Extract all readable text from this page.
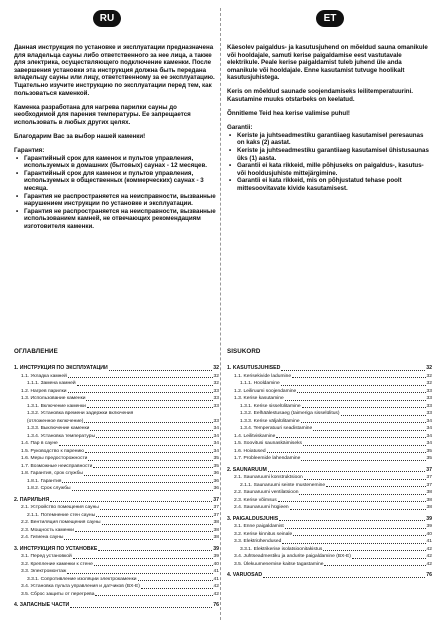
RU	ET

Данная инструкция по установке и эксплуатации предназначена для владельца сауны либо ответственного за нее лица, а также для электрика, осуществляющего подключение каменки. После завершения установки эта инструкция должна быть передана владельцу сауны или лицу, ответственному за ее эксплуатацию. Тщательно изучите инструкцию по эксплуатации перед тем, как пользоваться каменкой.

Каменка разработана для нагрева парилки сауны до необходимой для парения температуры. Ее запрещается использовать в любых других целях.

Благодарим Вас за выбор нашей каменки!

Гарантия:

• Гарантийный срок для каменок и пультов управления, используемых в домашних (бытовых) саунах - 12 месяцев.
• Гарантийный срок для каменок и пультов управления, используемых в общественных (коммерческих) саунах - 3 месяца.
• Гарантия не распространяется на неисправности, вызванные нарушением инструкции по установке и эксплуатации.
• Гарантия не распространяется на неисправности, вызванные использованием камней, не отвечающих рекомендациям изготовителя каменки.

Käesolev paigaldus- ja kasutusjuhend on mõeldud sauna omanikule või hooldajale, samuti kerise paigaldamise eest vastutavale elektrikule. Peale kerise paigaldamist tuleb juhend üle anda omanikule või hooldajale. Enne kasutamist tutvuge hoolikalt kasutusjuhistega.

Keris on mõeldud saunade soojendamiseks leilitemperatuurini. Kasutamine muuks otstarbeks on keelatud.

Õnnitleme Teid hea kerise valimise puhul!

Garantii:

• Keriste ja juhtseadmestiku garantiiaeg kasutamisel peresaunas on kaks (2) aastat.
• Keriste ja juhtseadmestiku garantiiaeg kasutamisel ühistusaunas üks (1) aasta.
• Garantii ei kata rikkeid, mille põhjuseks on paigaldus-, kasutus- või hooldusjuhiste mittejärgimine.
• Garantii ei kata rikkeid, mis on põhjustatud tehase poolt mittesoovitavate kivide kasutamisest.
ОГЛАВЛЕНИЕ
1. ИНСТРУКЦИЯ ПО ЭКСПЛУАТАЦИИ	32
1.1. Укладка камней	32
1.1.1. Замена камней	32
1.2. Нагрев парилки	33
1.3. Использование каменки	33
1.3.1. Включение каменки	33
1.3.2. Установка времени задержки включения
(отложенное включение)	33
1.3.3. Выключение каменки	34
1.3.4. Установка температуры	34
1.4. Пар в сауне	34
1.5. Руководство к парению	34
1.6. Меры предосторожности	35
1.7. Возможные неисправности	35
1.8. Гарантия, срок службы	36
1.8.1. Гарантия	36
1.8.2. Срок службы	36
2. ПАРИЛЬНЯ	37
2.1. Устройство помещения сауны	37
2.1.1. Потемнение стен сауны	37
2.2. Вентиляция помещения сауны	38
2.3. Мощность каменки	38
2.4. Гигиена сауны	38
3. ИНСТРУКЦИЯ ПО УСТАНОВКЕ	39
3.1. Перед установкой	39
3.2. Крепление каменки к стене	40
3.3. Электромонтаж	41
3.3.1. Сопротивление изоляции электрокаменки	41
3.4. Установка пульта управления и датчиков (BX-E)	42
3.5. Сброс защиты от перегрева	42
4. ЗАПАСНЫЕ ЧАСТИ	76
SISUKORD
1. KASUTUSJUHISED	32
1.1. Kerisekivide ladumine	32
1.1.1. Hooldamine	32
1.2. Leiliruumi soojendamine	33
1.3. Kerise kasutamine	33
1.3.1. Kerise sisselülitamine	33
1.3.2. Eelhäälestusaeg (taimeriga sisselülitus)	33
1.3.3. Kerise väljalülitamine	34
1.3.4. Temperatuuri seadistamine	34
1.4. Leilitviskamine	34
1.5. Soovitusi saunaskäimiseks	34
1.6. Hoiatused	35
1.7. Probleemide lahendamine	35
2. SAUNARUUM	37
2.1. Saunaruumi konstruktsioon	37
2.1.1. Saunaruumi seinte mustenemine	37
2.2. Saunaruumi ventilatsioon	38
2.3. Kerise võimsus	38
2.4. Saunaruumi hügieen	38
3. PAIGALDUSJUHIS	39
3.1. Enne paigaldamist	39
3.2. Kerise kinnitus seinale	40
3.3. Elektriühendused	41
3.3.1. Elektrikerise isolatsioonitakistus	42
3.4. Juhtseadmestiku ja andurite paigaldamine (BX-E)	42
3.5. Ülekuumenemise kaitse tagastamine	42
4. VARUOSAD	76
